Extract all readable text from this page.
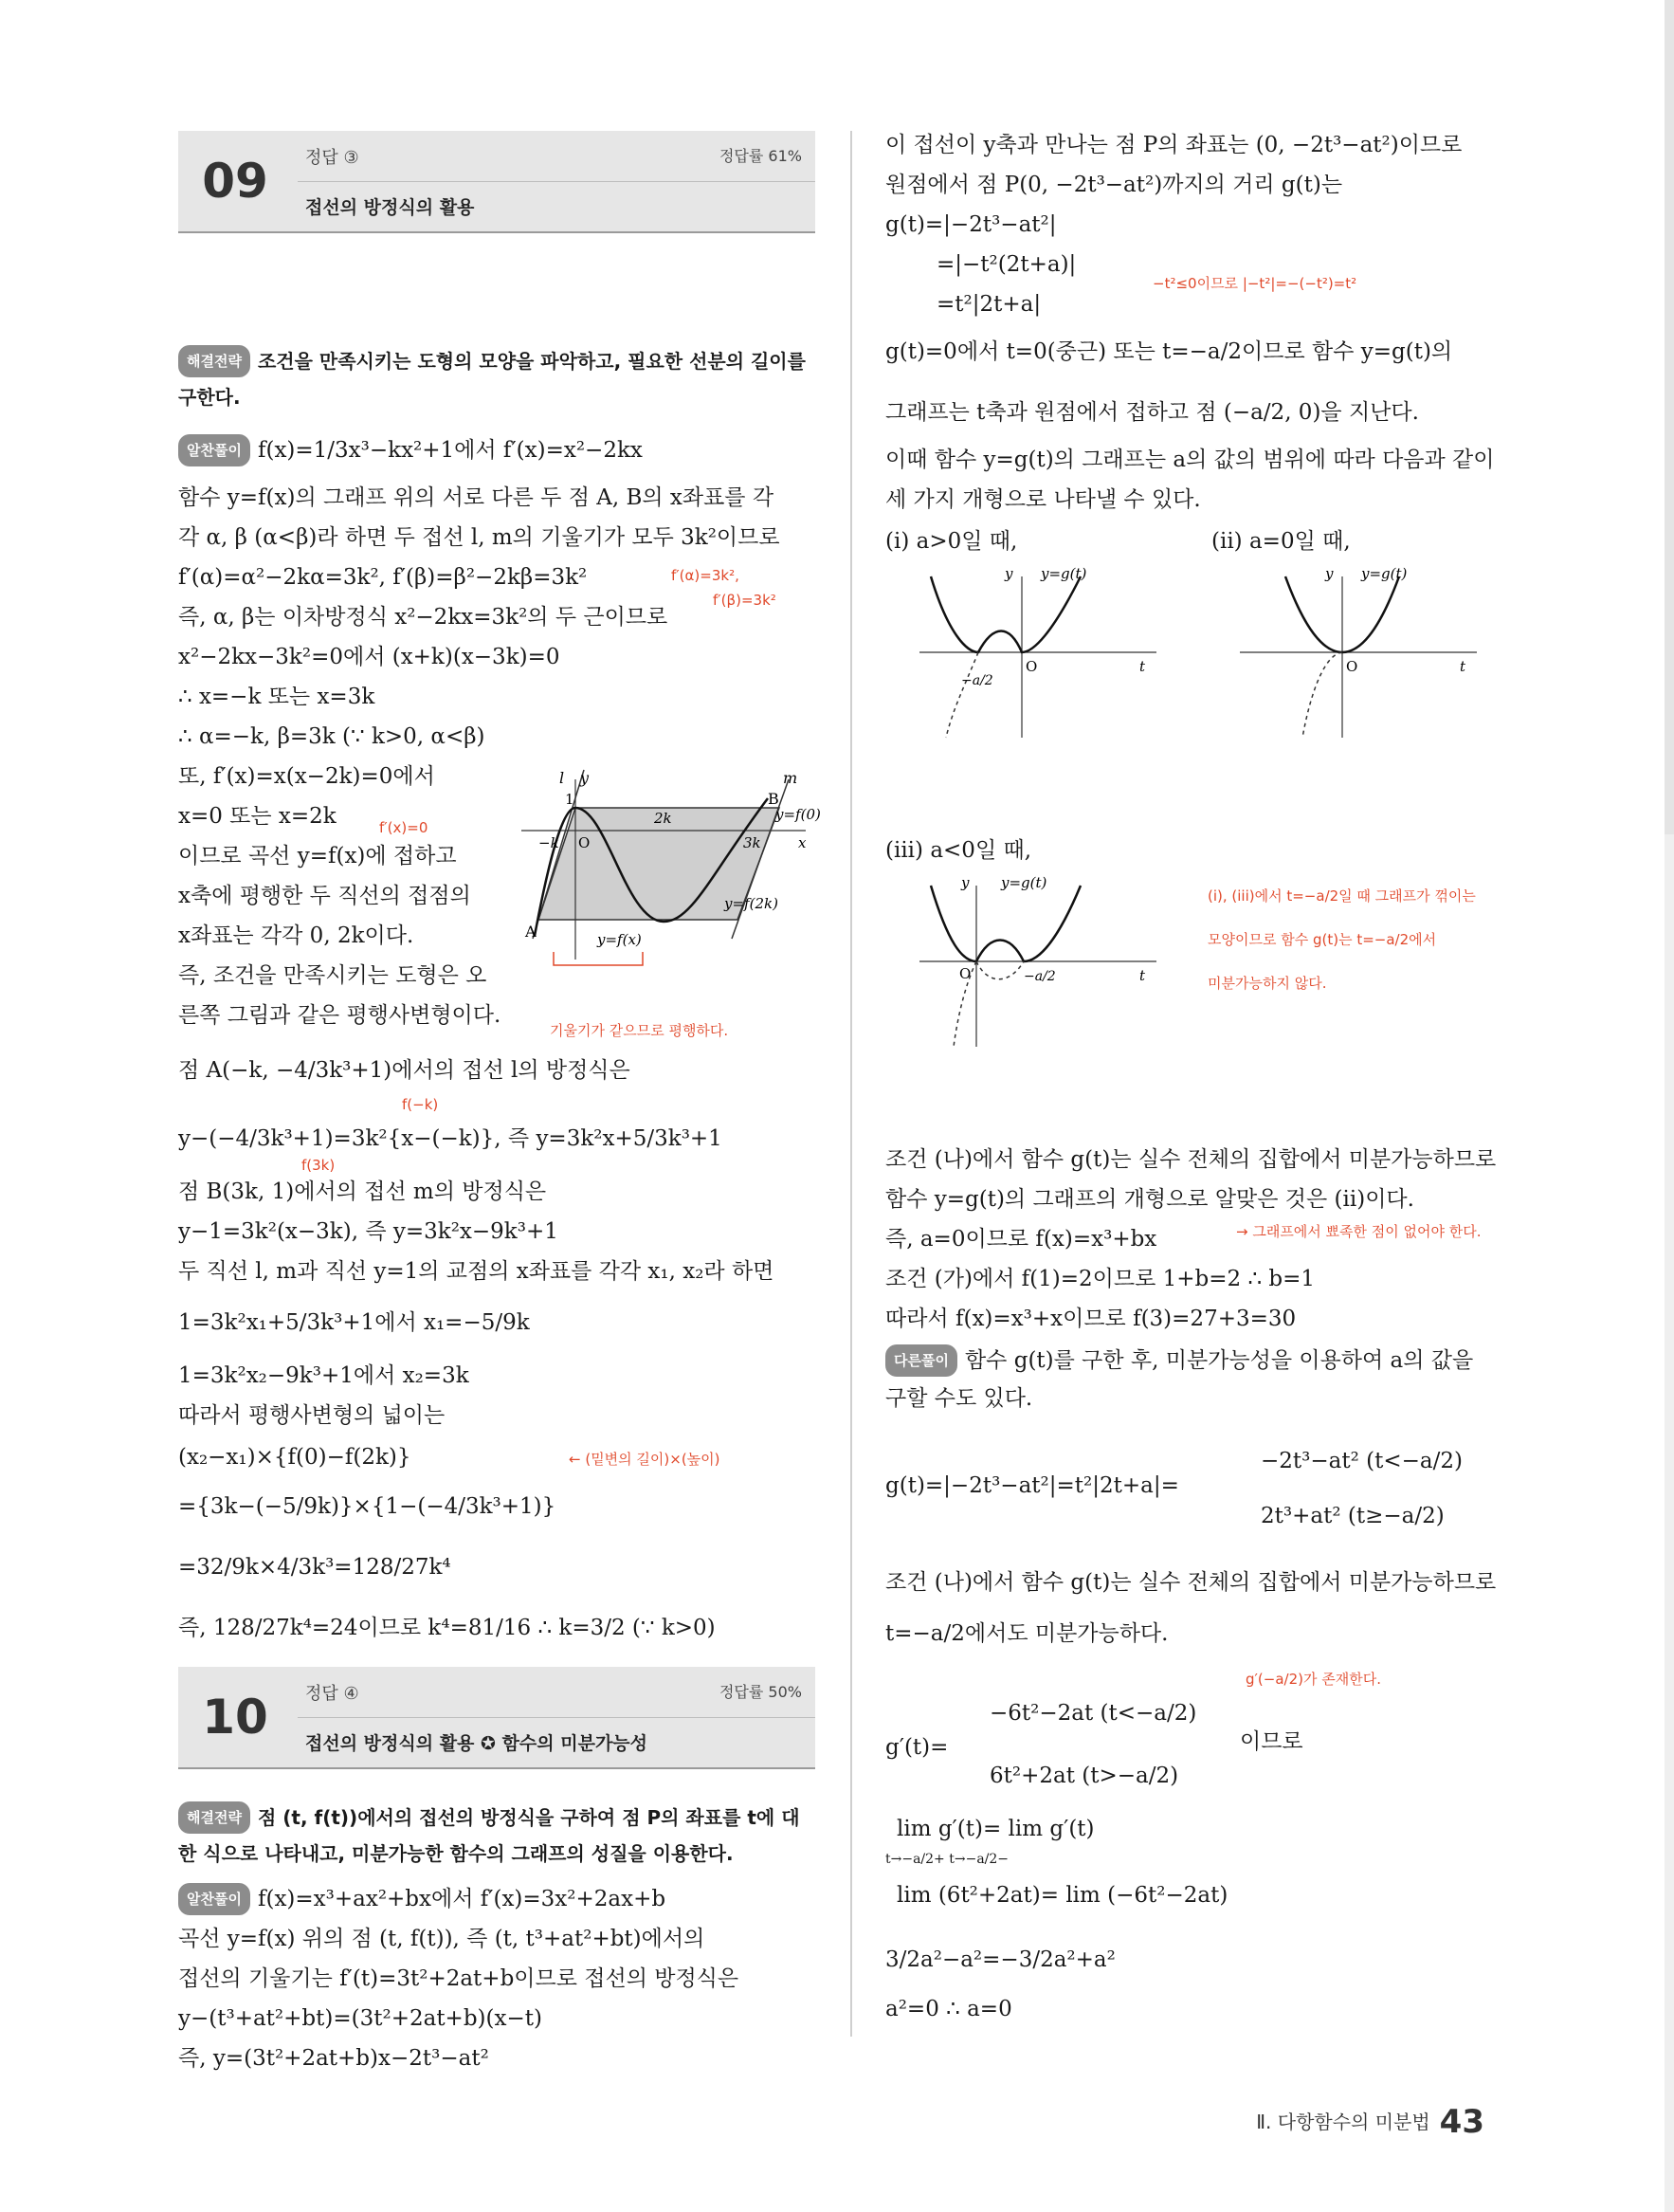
09	정답 ③	정답률 61%
접선의 방정식의 활용
해결전략 조건을 만족시키는 도형의 모양을 파악하고, 필요한 선분의 길이를
구한다.
알찬풀이 f(x)=1/3x³−kx²+1에서 f′(x)=x²−2kx
함수 y=f(x)의 그래프 위의 서로 다른 두 점 A, B의 x좌표를 각
각 α, β (α<β)라 하면 두 접선 l, m의 기울기가 모두 3k²이므로
f′(α)=α²−2kα=3k², f′(β)=β²−2kβ=3k²
즉, α, β는 이차방정식 x²−2kx=3k²의 두 근이므로
x²−2kx−3k²=0에서 (x+k)(x−3k)=0
∴ x=−k 또는 x=3k
∴ α=−k, β=3k (∵ k>0, α<β)
또, f′(x)=x(x−2k)=0에서
x=0 또는 x=2k
이므로 곡선 y=f(x)에 접하고
x축에 평행한 두 직선의 접점의
x좌표는 각각 0, 2k이다.
즉, 조건을 만족시키는 도형은 오
른쪽 그림과 같은 평행사변형이다.
점 A(−k, −4/3k³+1)에서의 접선 l의 방정식은
y−(−4/3k³+1)=3k²{x−(−k)}, 즉 y=3k²x+5/3k³+1
점 B(3k, 1)에서의 접선 m의 방정식은
y−1=3k²(x−3k), 즉 y=3k²x−9k³+1
두 직선 l, m과 직선 y=1의 교점의 x좌표를 각각 x₁, x₂라 하면
1=3k²x₁+5/3k³+1에서 x₁=−5/9k
1=3k²x₂−9k³+1에서 x₂=3k
따라서 평행사변형의 넓이는
(x₂−x₁)×{f(0)−f(2k)}
={3k−(−5/9k)}×{1−(−4/3k³+1)}
=32/9k×4/3k³=128/27k⁴
즉, 128/27k⁴=24이므로 k⁴=81/16 ∴ k=3/2 (∵ k>0)
f′(α)=3k²,
f′(β)=3k²
f′(x)=0
기울기가 같으므로 평행하다.
f(−k)
f(3k)
← (밑변의 길이)×(높이)
l y	m
1	B
y=f(0)
−k O
2k
3k	x
y=f(2k)
A	y=f(x)
10	정답 ④	정답률 50%
접선의 방정식의 활용 ✪ 함수의 미분가능성
해결전략 점 (t, f(t))에서의 접선의 방정식을 구하여 점 P의 좌표를 t에 대
한 식으로 나타내고, 미분가능한 함수의 그래프의 성질을 이용한다.
알찬풀이 f(x)=x³+ax²+bx에서 f′(x)=3x²+2ax+b
곡선 y=f(x) 위의 점 (t, f(t)), 즉 (t, t³+at²+bt)에서의
접선의 기울기는 f′(t)=3t²+2at+b이므로 접선의 방정식은
y−(t³+at²+bt)=(3t²+2at+b)(x−t)
즉, y=(3t²+2at+b)x−2t³−at²
이 접선이 y축과 만나는 점 P의 좌표는 (0, −2t³−at²)이므로
원점에서 점 P(0, −2t³−at²)까지의 거리 g(t)는
g(t)=|−2t³−at²|
=|−t²(2t+a)|
=t²|2t+a|
−t²≤0이므로 |−t²|=−(−t²)=t²
g(t)=0에서 t=0(중근) 또는 t=−a/2이므로 함수 y=g(t)의
그래프는 t축과 원점에서 접하고 점 (−a/2, 0)을 지난다.
이때 함수 y=g(t)의 그래프는 a의 값의 범위에 따라 다음과 같이
세 가지 개형으로 나타낼 수 있다.
(i) a>0일 때,	(ii) a=0일 때,
y y=g(t)
O	t
−a/2
y y=g(t)
O	t
(iii) a<0일 때,
y y=g(t)
O	t
−a/2
(i), (iii)에서 t=−a/2일 때 그래프가 꺾이는
모양이므로 함수 g(t)는 t=−a/2에서
미분가능하지 않다.
조건 (나)에서 함수 g(t)는 실수 전체의 집합에서 미분가능하므로
함수 y=g(t)의 그래프의 개형으로 알맞은 것은 (ii)이다.
→ 그래프에서 뾰족한 점이 없어야 한다.
즉, a=0이므로 f(x)=x³+bx
조건 (가)에서 f(1)=2이므로 1+b=2 ∴ b=1
따라서 f(x)=x³+x이므로 f(3)=27+3=30
다른풀이 함수 g(t)를 구한 후, 미분가능성을 이용하여 a의 값을
구할 수도 있다.
g(t)=|−2t³−at²|=t²|2t+a|=
−2t³−at² (t<−a/2)
2t³+at² (t≥−a/2)
조건 (나)에서 함수 g(t)는 실수 전체의 집합에서 미분가능하므로
t=−a/2에서도 미분가능하다.
g′(−a/2)가 존재한다.
g′(t)=
−6t²−2at (t<−a/2)
6t²+2at (t>−a/2)
이므로
lim g′(t)= lim g′(t)
t→−a/2+ t→−a/2−
lim (6t²+2at)= lim (−6t²−2at)
3/2a²−a²=−3/2a²+a²
a²=0 ∴ a=0
Ⅱ. 다항함수의 미분법 43
